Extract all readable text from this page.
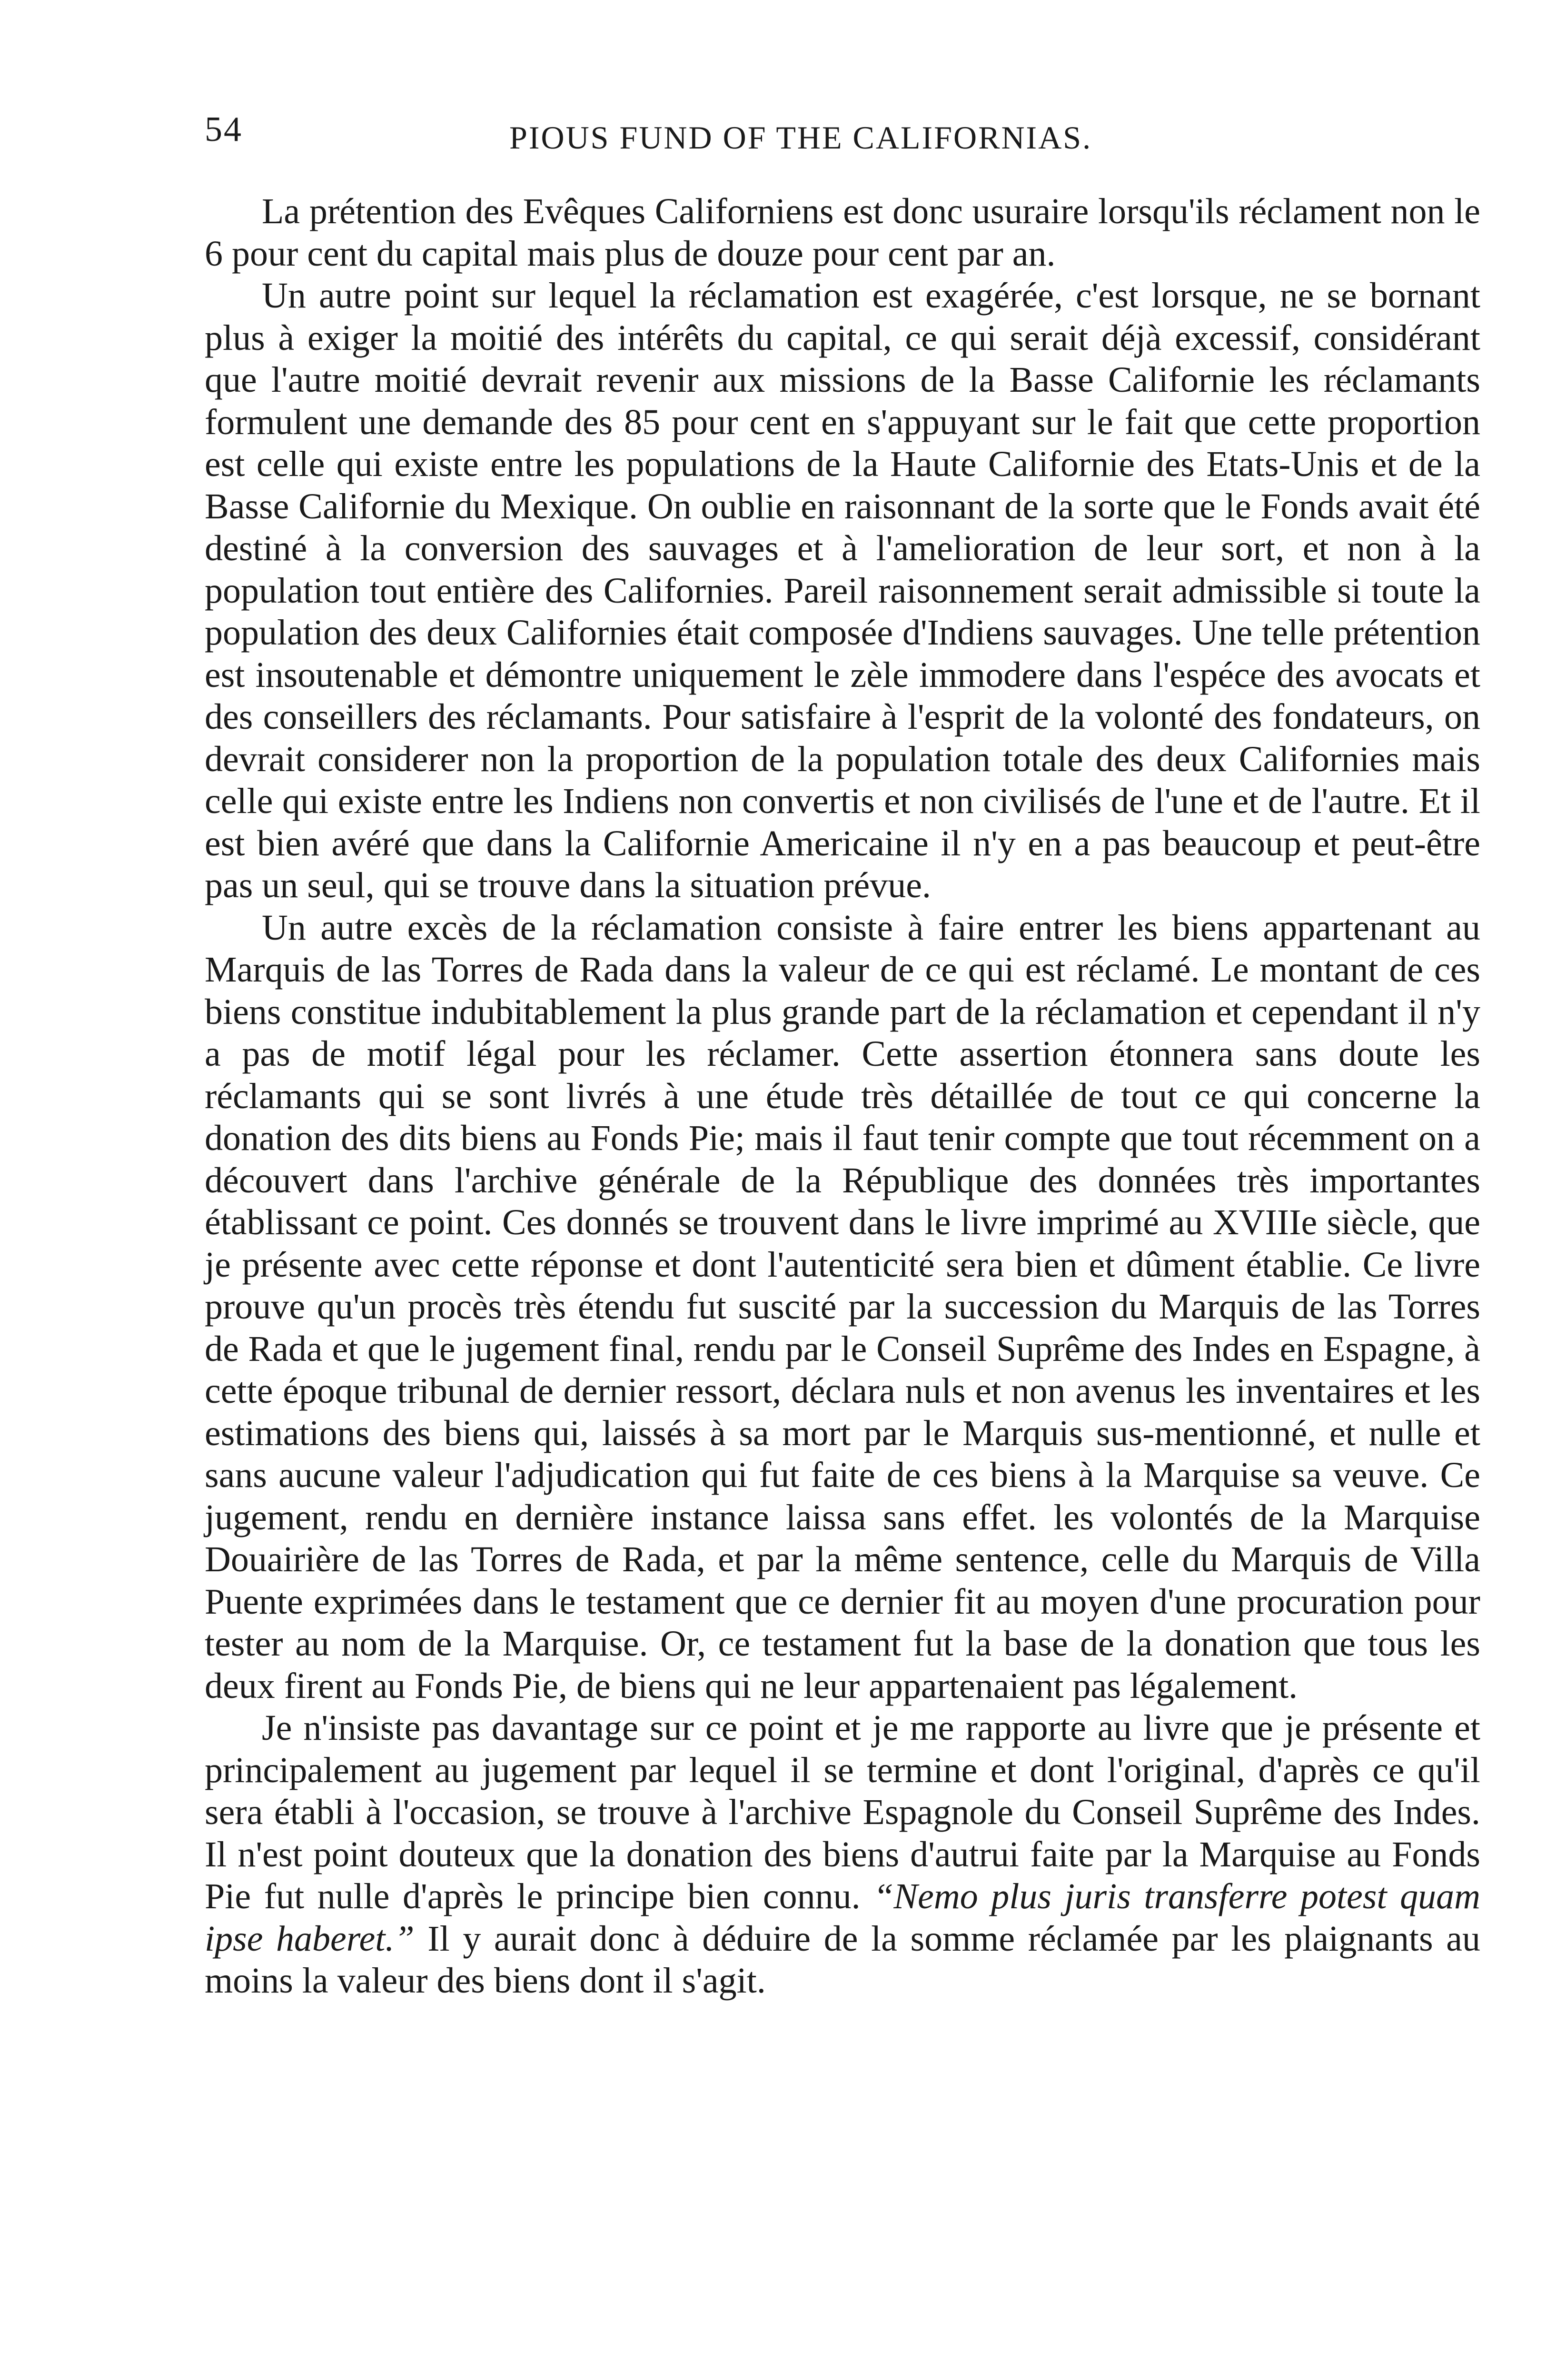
54	PIOUS FUND OF THE CALIFORNIAS.

La prétention des Evêques Californiens est donc usuraire lorsqu'ils réclament non le 6 pour cent du capital mais plus de douze pour cent par an.

Un autre point sur lequel la réclamation est exagérée, c'est lorsque, ne se bornant plus à exiger la moitié des intérêts du capital, ce qui serait déjà excessif, considérant que l'autre moitié devrait revenir aux missions de la Basse Californie les réclamants formulent une demande des 85 pour cent en s'appuyant sur le fait que cette proportion est celle qui existe entre les populations de la Haute Californie des Etats-Unis et de la Basse Californie du Mexique. On oublie en raisonnant de la sorte que le Fonds avait été destiné à la conversion des sauvages et à l'amelioration de leur sort, et non à la population tout entière des Californies. Pareil raisonnement serait admissible si toute la population des deux Californies était composée d'Indiens sauvages. Une telle prétention est insoutenable et démontre uniquement le zèle immodere dans l'espéce des avocats et des conseillers des réclamants. Pour satisfaire à l'esprit de la volonté des fondateurs, on devrait considerer non la proportion de la population totale des deux Californies mais celle qui existe entre les Indiens non convertis et non civilisés de l'une et de l'autre. Et il est bien avéré que dans la Californie Americaine il n'y en a pas beaucoup et peut-être pas un seul, qui se trouve dans la situation prévue.

Un autre excès de la réclamation consiste à faire entrer les biens appartenant au Marquis de las Torres de Rada dans la valeur de ce qui est réclamé. Le montant de ces biens constitue indubitablement la plus grande part de la réclamation et cependant il n'y a pas de motif légal pour les réclamer. Cette assertion étonnera sans doute les réclamants qui se sont livrés à une étude très détaillée de tout ce qui concerne la donation des dits biens au Fonds Pie; mais il faut tenir compte que tout récemment on a découvert dans l'archive générale de la République des données très importantes établissant ce point. Ces donnés se trouvent dans le livre imprimé au XVIIIe siècle, que je présente avec cette réponse et dont l'autenticité sera bien et dûment établie. Ce livre prouve qu'un procès très étendu fut suscité par la succession du Marquis de las Torres de Rada et que le jugement final, rendu par le Conseil Suprême des Indes en Espagne, à cette époque tribunal de dernier ressort, déclara nuls et non avenus les inventaires et les estimations des biens qui, laissés à sa mort par le Marquis sus-mentionné, et nulle et sans aucune valeur l'adjudication qui fut faite de ces biens à la Marquise sa veuve. Ce jugement, rendu en dernière instance laissa sans effet. les volontés de la Marquise Douairière de las Torres de Rada, et par la même sentence, celle du Marquis de Villa Puente exprimées dans le testament que ce dernier fit au moyen d'une procuration pour tester au nom de la Marquise. Or, ce testament fut la base de la donation que tous les deux firent au Fonds Pie, de biens qui ne leur appartenaient pas légalement.

Je n'insiste pas davantage sur ce point et je me rapporte au livre que je présente et principalement au jugement par lequel il se termine et dont l'original, d'après ce qu'il sera établi à l'occasion, se trouve à l'archive Espagnole du Conseil Suprême des Indes. Il n'est point douteux que la donation des biens d'autrui faite par la Marquise au Fonds Pie fut nulle d'après le principe bien connu. “Nemo plus juris transferre potest quam ipse haberet.” Il y aurait donc à déduire de la somme réclamée par les plaignants au moins la valeur des biens dont il s'agit.
